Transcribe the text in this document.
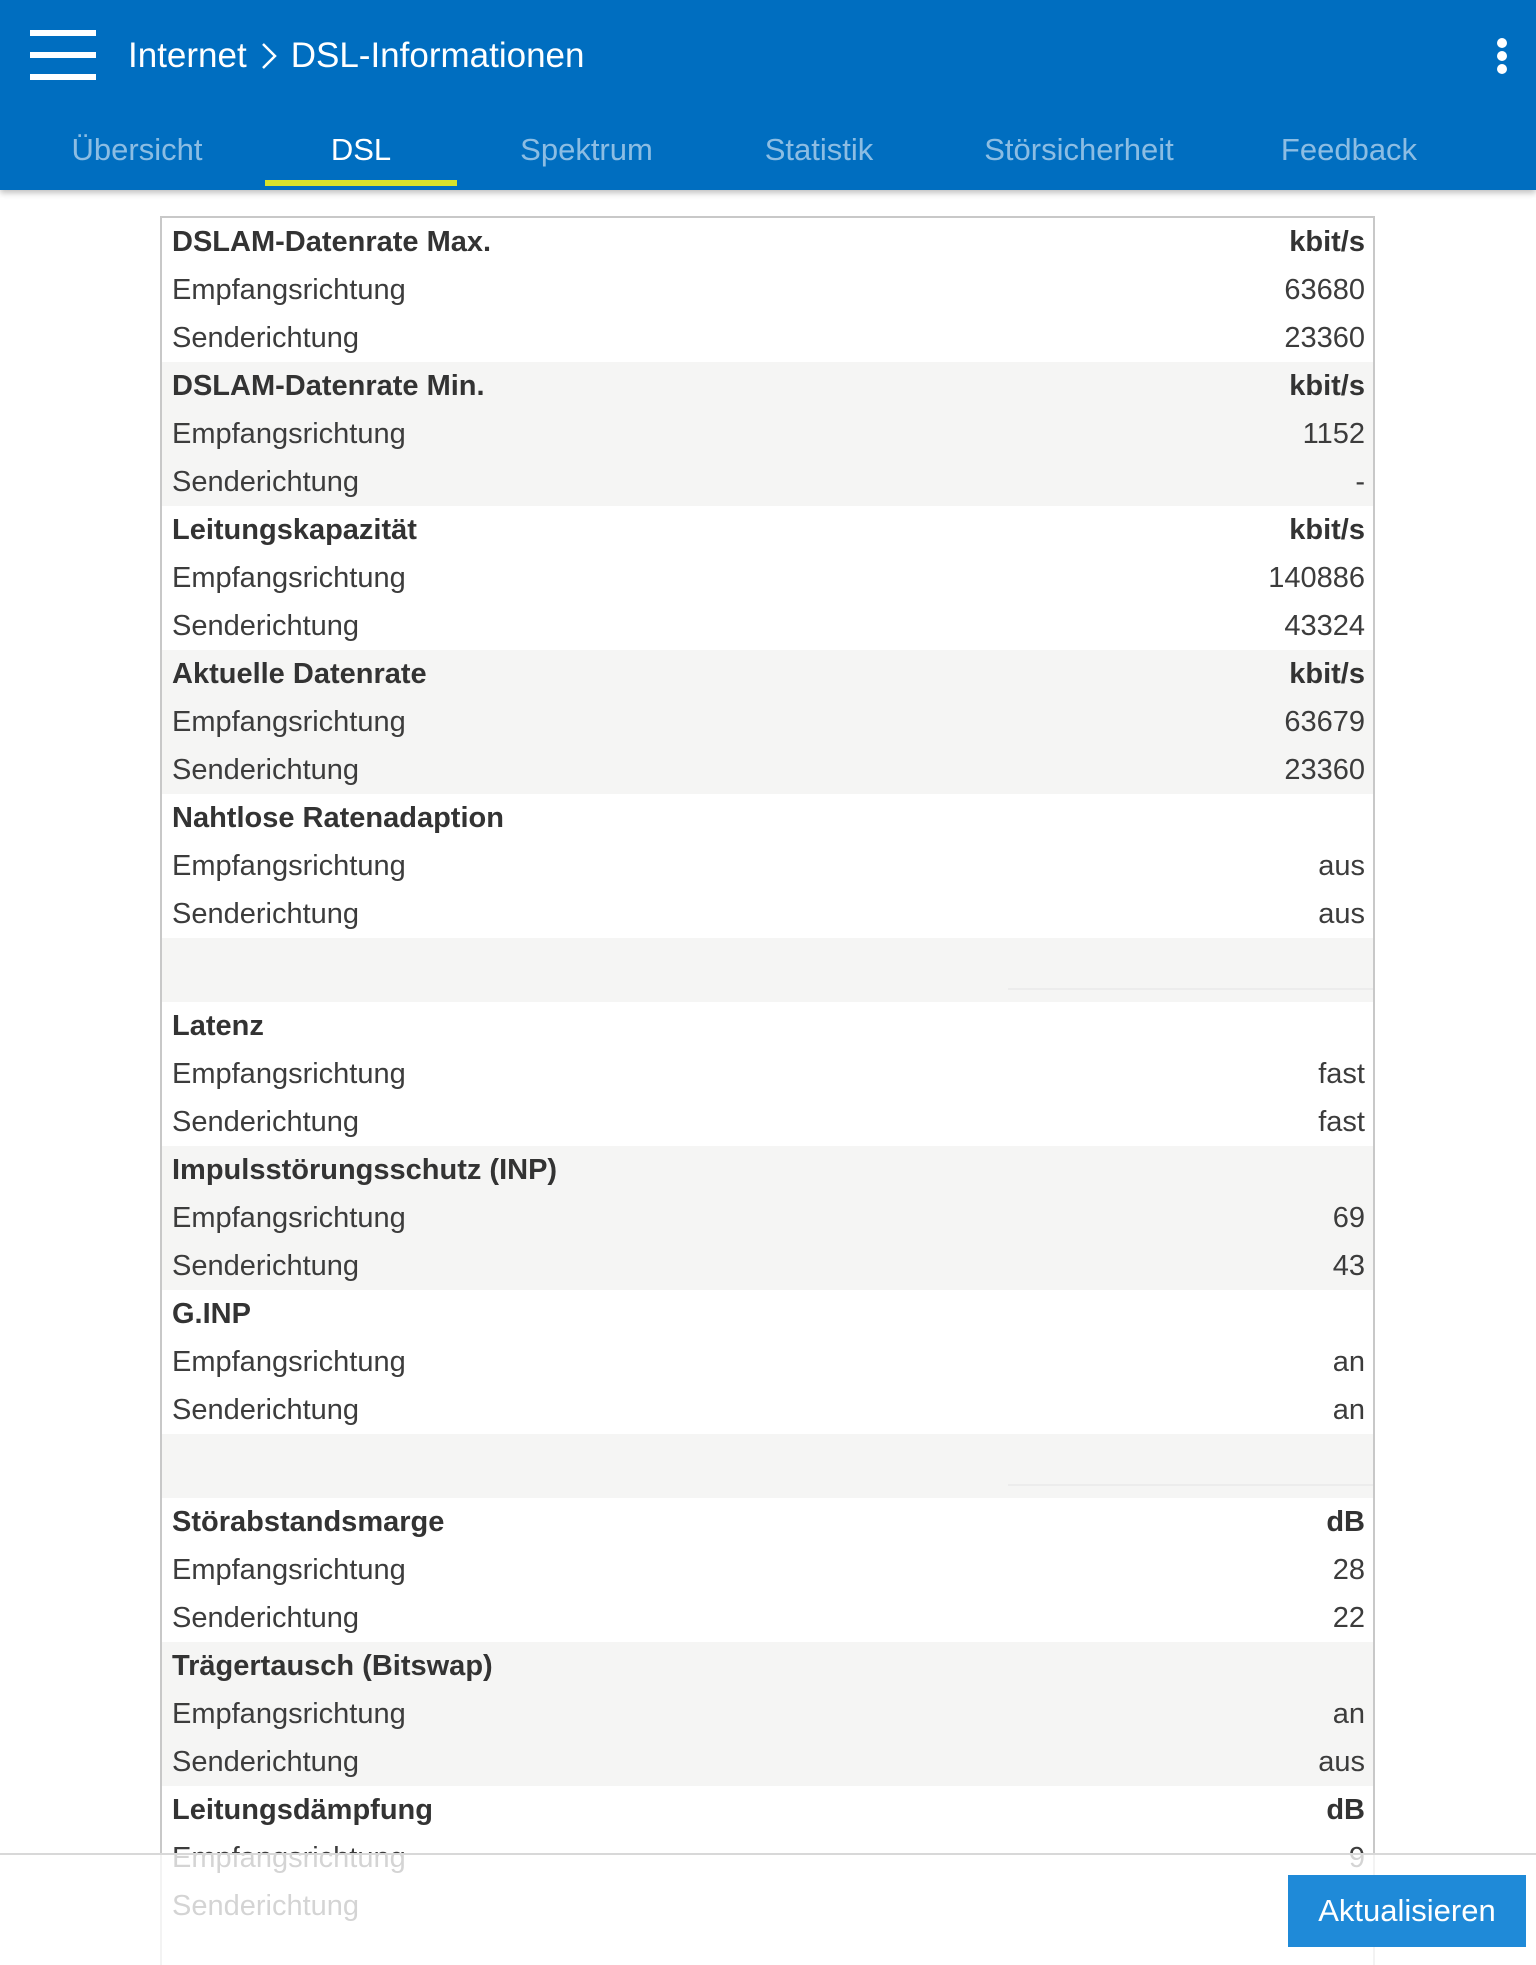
Internet DSL-Informationen
Übersicht	DSL	Spektrum	Statistik	Störsicherheit	Feedback
DSLAM-Datenrate Max.	kbit/s
Empfangsrichtung	63680
Senderichtung	23360
DSLAM-Datenrate Min.	kbit/s
Empfangsrichtung	1152
Senderichtung	-
Leitungskapazität	kbit/s
Empfangsrichtung	140886
Senderichtung	43324
Aktuelle Datenrate	kbit/s
Empfangsrichtung	63679
Senderichtung	23360
Nahtlose Ratenadaption
Empfangsrichtung	aus
Senderichtung	aus
Latenz
Empfangsrichtung	fast
Senderichtung	fast
Impulsstörungsschutz (INP)
Empfangsrichtung	69
Senderichtung	43
G.INP
Empfangsrichtung	an
Senderichtung	an
Störabstandsmarge	dB
Empfangsrichtung	28
Senderichtung	22
Trägertausch (Bitswap)
Empfangsrichtung	an
Senderichtung	aus
Leitungsdämpfung	dB
Aktualisieren
